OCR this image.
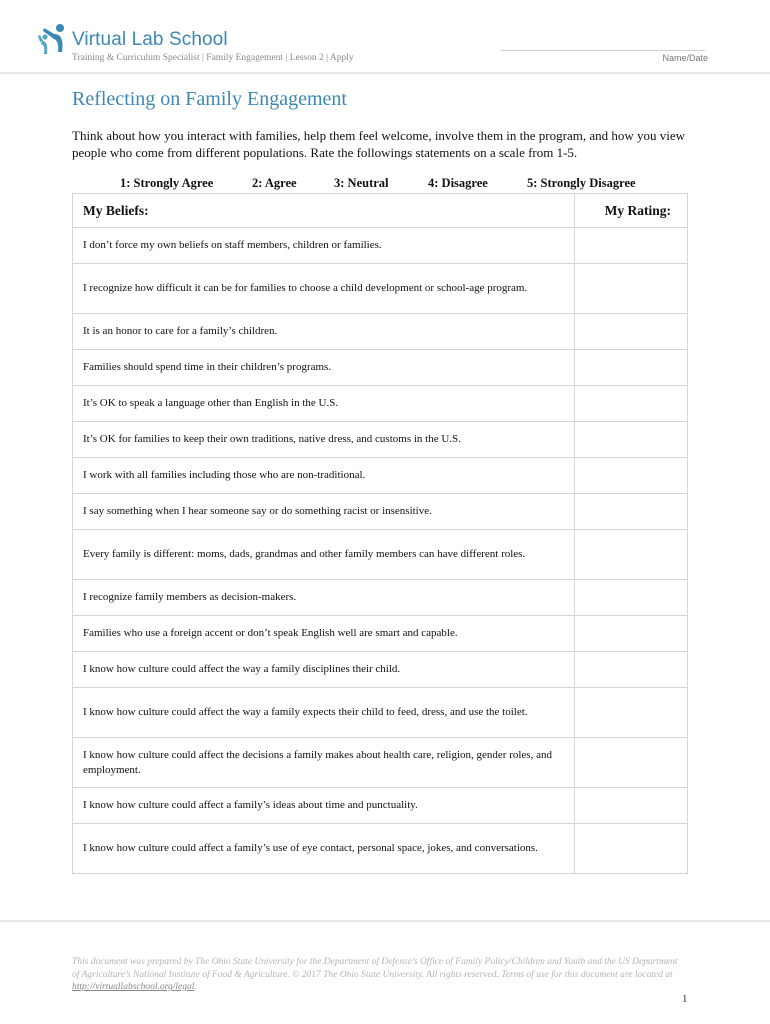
Virtual Lab School
Training & Curriculum Specialist | Family Engagement | Lesson 2 | Apply	Name/Date
Reflecting on Family Engagement
Think about how you interact with families, help them feel welcome, involve them in the program, and how you view people who come from different populations. Rate the followings statements on a scale from 1-5.
1: Strongly Agree	2: Agree	3: Neutral	4: Disagree	5: Strongly Disagree
My Beliefs:	My Rating:
I don’t force my own beliefs on staff members, children or families.	
I recognize how difficult it can be for families to choose a child development or school-age program.	
It is an honor to care for a family’s children.	
Families should spend time in their children’s programs.	
It’s OK to speak a language other than English in the U.S.	
It’s OK for families to keep their own traditions, native dress, and customs in the U.S.	
I work with all families including those who are non-traditional.	
I say something when I hear someone say or do something racist or insensitive.	
Every family is different: moms, dads, grandmas and other family members can have different roles.	
I recognize family members as decision-makers.	
Families who use a foreign accent or don’t speak English well are smart and capable.	
I know how culture could affect the way a family disciplines their child.	
I know how culture could affect the way a family expects their child to feed, dress, and use the toilet.	
I know how culture could affect the decisions a family makes about health care, religion, gender roles, and employment.	
I know how culture could affect a family’s ideas about time and punctuality.	
I know how culture could affect a family’s use of eye contact, personal space, jokes, and conversations.	
This document was prepared by The Ohio State University for the Department of Defense’s Office of Family Policy/Children and Youth and the US Department of Agriculture’s National Institute of Food & Agriculture. © 2017 The Ohio State University. All rights reserved. Terms of use for this document are located at http://virtuallabschool.org/legal.
1
